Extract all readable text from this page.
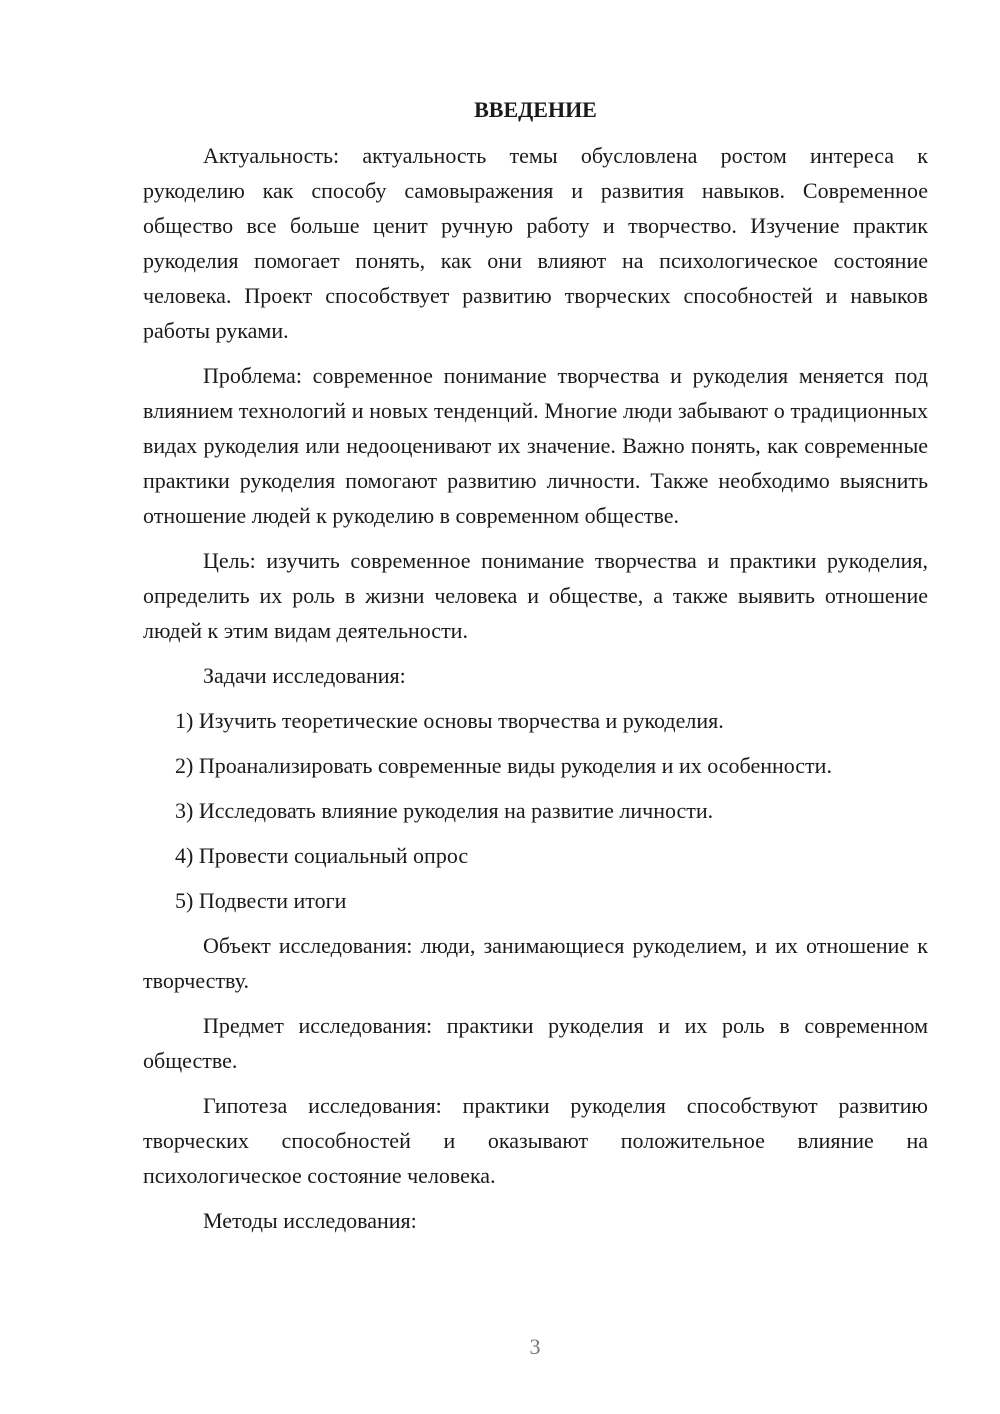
ВВЕДЕНИЕ

Актуальность: актуальность темы обусловлена ростом интереса к рукоделию как способу самовыражения и развития навыков. Современное общество все больше ценит ручную работу и творчество. Изучение практик рукоделия помогает понять, как они влияют на психологическое состояние человека. Проект способствует развитию творческих способностей и навыков работы руками.

Проблема: современное понимание творчества и рукоделия меняется под влиянием технологий и новых тенденций. Многие люди забывают о традиционных видах рукоделия или недооценивают их значение. Важно понять, как современные практики рукоделия помогают развитию личности. Также необходимо выяснить отношение людей к рукоделию в современном обществе.

Цель: изучить современное понимание творчества и практики рукоделия, определить их роль в жизни человека и обществе, а также выявить отношение людей к этим видам деятельности.

Задачи исследования:

1) Изучить теоретические основы творчества и рукоделия.
2) Проанализировать современные виды рукоделия и их особенности.
3) Исследовать влияние рукоделия на развитие личности.
4) Провести социальный опрос
5) Подвести итоги

Объект исследования: люди, занимающиеся рукоделием, и их отношение к творчеству.

Предмет исследования: практики рукоделия и их роль в современном обществе.

Гипотеза исследования: практики рукоделия способствуют развитию творческих способностей и оказывают положительное влияние на психологическое состояние человека.

Методы исследования:

3
